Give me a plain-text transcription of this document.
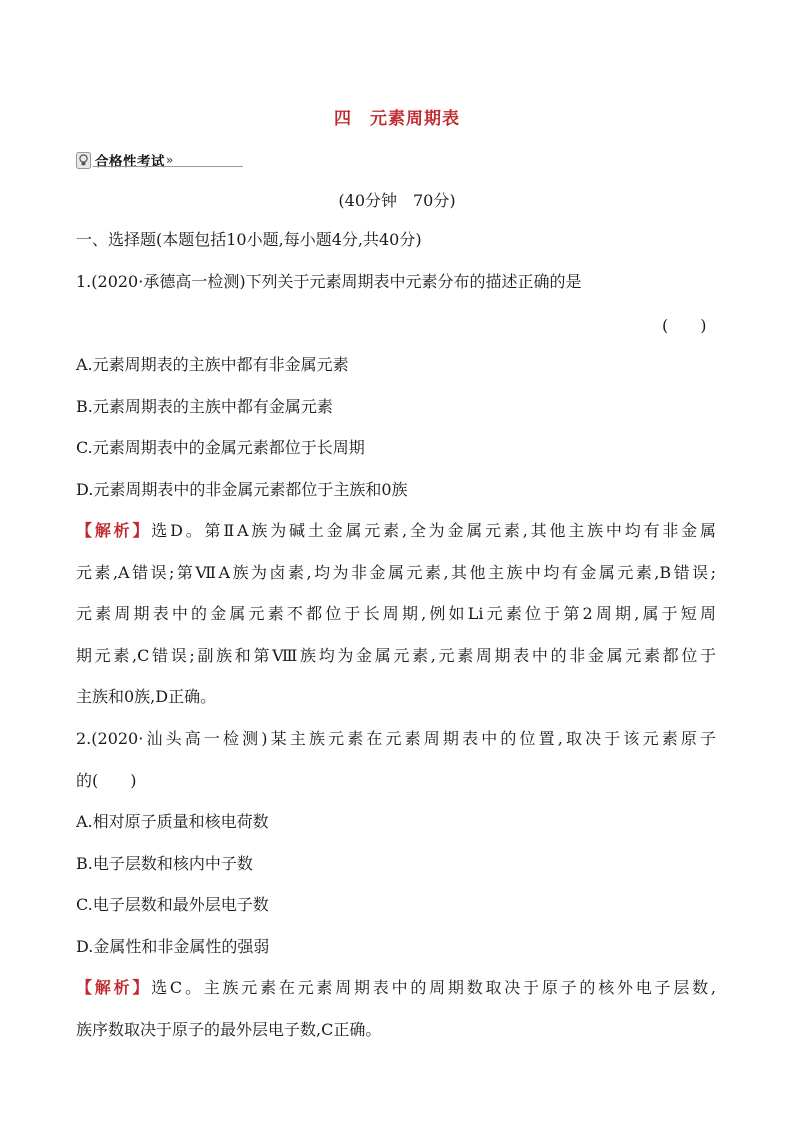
四　元素周期表
合格性考试 »
(40分钟　70分)
一、选择题(本题包括10小题,每小题4分,共40分)
1.(2020·承德高一检测)下列关于元素周期表中元素分布的描述正确的是
(　　)
A.元素周期表的主族中都有非金属元素
B.元素周期表的主族中都有金属元素
C.元素周期表中的金属元素都位于长周期
D.元素周期表中的非金属元素都位于主族和0族
【解析】选D。第ⅡA族为碱土金属元素,全为金属元素,其他主族中均有非金属
元素,A错误;第ⅦA族为卤素,均为非金属元素,其他主族中均有金属元素,B错误;
元素周期表中的金属元素不都位于长周期,例如Li元素位于第2周期,属于短周
期元素,C错误;副族和第Ⅷ族均为金属元素,元素周期表中的非金属元素都位于
主族和0族,D正确。
2.(2020·汕头高一检测)某主族元素在元素周期表中的位置,取决于该元素原子
的(　　)
A.相对原子质量和核电荷数
B.电子层数和核内中子数
C.电子层数和最外层电子数
D.金属性和非金属性的强弱
【解析】选C。主族元素在元素周期表中的周期数取决于原子的核外电子层数,
族序数取决于原子的最外层电子数,C正确。
